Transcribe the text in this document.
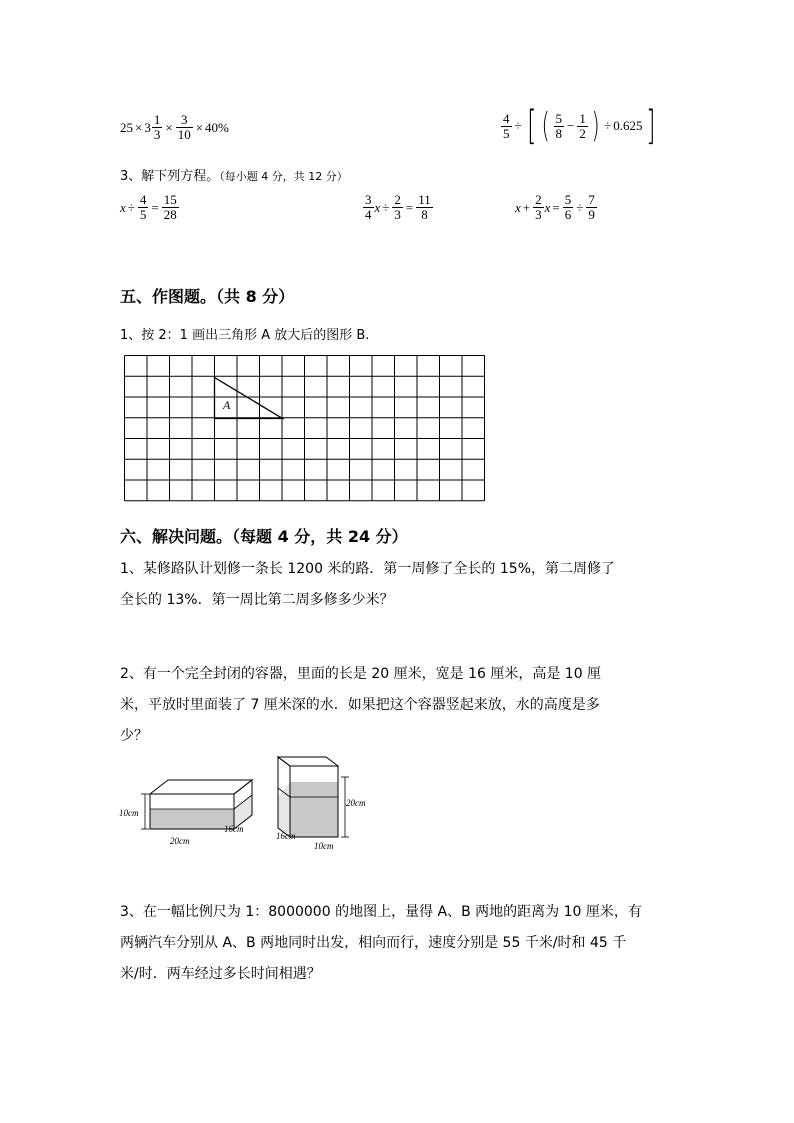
$25 \times 3 \frac{1}{3} \times \frac{3}{10} \times 40\%$	$\frac{4}{5}$ ÷ [ ( $\frac{5}{8} - \frac{1}{2}$ ) ÷ 0.625 ]
3、解下列方程。（每小题 4 分，共 12 分）
$x \div \frac{4}{5} = \frac{15}{28}$	$\frac{3}{4}$ $x \div \frac{2}{3} = \frac{11}{8}$	$x + \frac{2}{3}$ $x = \frac{5}{6} \div \frac{7}{9}$
五、作图题。（共 8 分）
1、按 2：1 画出三角形 A 放大后的图形 B.
A
六、解决问题。（每题 4 分，共 24 分）
1、某修路队计划修一条长 1200 米的路．第一周修了全长的 15%，第二周修了
全长的 13%．第一周比第二周多修多少米？
2、有一个完全封闭的容器，里面的长是 20 厘米，宽是 16 厘米，高是 10 厘
米，平放时里面装了 7 厘米深的水．如果把这个容器竖起来放，水的高度是多
少？
10cm
20cm
16cm
20cm
16cm
10cm
3、在一幅比例尺为 1：8000000 的地图上，量得 A、B 两地的距离为 10 厘米，有
两辆汽车分别从 A、B 两地同时出发，相向而行，速度分别是 55 千米/时和 45 千
米/时．两车经过多长时间相遇？
